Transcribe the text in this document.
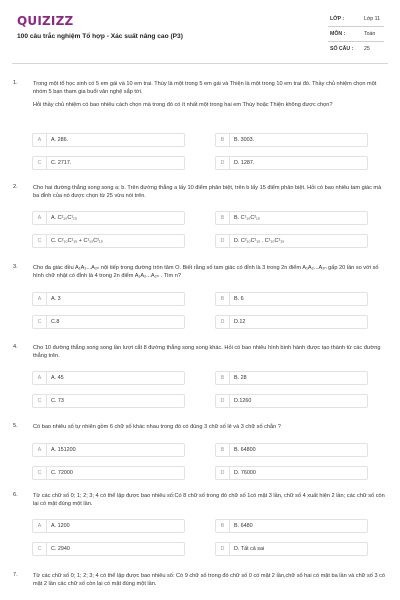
QUIZIZZ
100 câu trắc nghiệm Tổ hợp - Xác suất nâng cao (P3)
LỚP :	Lớp 11
MÔN :	Toán
SỐ CÂU : 25
1.	Trong một tổ học sinh có 5 em gái và 10 em trai. Thùy là một trong 5 em gái và Thiện là một trong 10 em trai đó. Thầy chủ nhiệm chọn một nhóm 5 bạn tham gia buổi văn nghệ sắp tới.

Hỏi thầy chủ nhiệm có bao nhiêu cách chọn mà trong đó có ít nhất một trong hai em Thùy hoặc Thiện không được chọn?

A	A. 286.	B	B. 3003.
C	C. 2717.	D	D. 1287.
2.	Cho hai đường thẳng song song a; b. Trên đường thẳng a lấy 10 điểm phân biệt, trên b lấy 15 điểm phân biệt. Hỏi có bao nhiêu tam giác mà ba đỉnh của nó được chọn từ 25 vừa nói trên.

A	A. C²₁₀C¹₁₅	B	B. C¹₁₀C²₁₅
C	C. C²₁₀C¹₁₅ + C¹₁₀C²₁₅	D	D. C²₁₀C¹₁₅ . C¹₁₀C²₁₅
3.	Cho đa giác đều A₁A₂...A₂ₙ nội tiếp trong đường tròn tâm O. Biết rằng số tam giác có đỉnh là 3 trong 2n điểm A₁A₂...A₂ₙ gấp 20 lần so với số hình chữ nhật có đỉnh là 4 trong 2n điểm A₁A₂...A₂ₙ . Tìm n?

A	A. 3	B	B. 6
C	C.8	D	D.12
4.	Cho 10 đường thẳng song song lần lượt cắt 8 đường thẳng song song khác. Hỏi có bao nhiêu hình bình hành được tạo thành từ các đường thẳng trên.

A	A. 45	B	B. 28
C	C. 73	D	D.1260
5.	Có bao nhiêu số tự nhiên gồm 6 chữ số khác nhau trong đó có đúng 3 chữ số lẻ và 3 chữ số chẵn ?

A	A. 151200	B	B. 64800
C	C. 72000	D	D. 76000
6.	Từ các chữ số 0; 1; 2; 3; 4 có thể lập được bao nhiêu số:Có 8 chữ số trong đó chữ số 1có mặt 3 lần, chữ số 4 xuất hiện 2 lần; các chữ số còn lại có mặt đúng một lần.

A	A. 1200	B	B. 6480
C	C. 2940	D	D. Tất cả sai
7.	Từ các chữ số 0; 1; 2; 3; 4 có thể lập được bao nhiêu số: Có 9 chữ số trong đó chữ số 0 có mặt 2 lần,chữ số hai có mặt ba lần và chữ số 3 có mặt 2 lần các chữ số còn lại có mặt đúng một lần.
